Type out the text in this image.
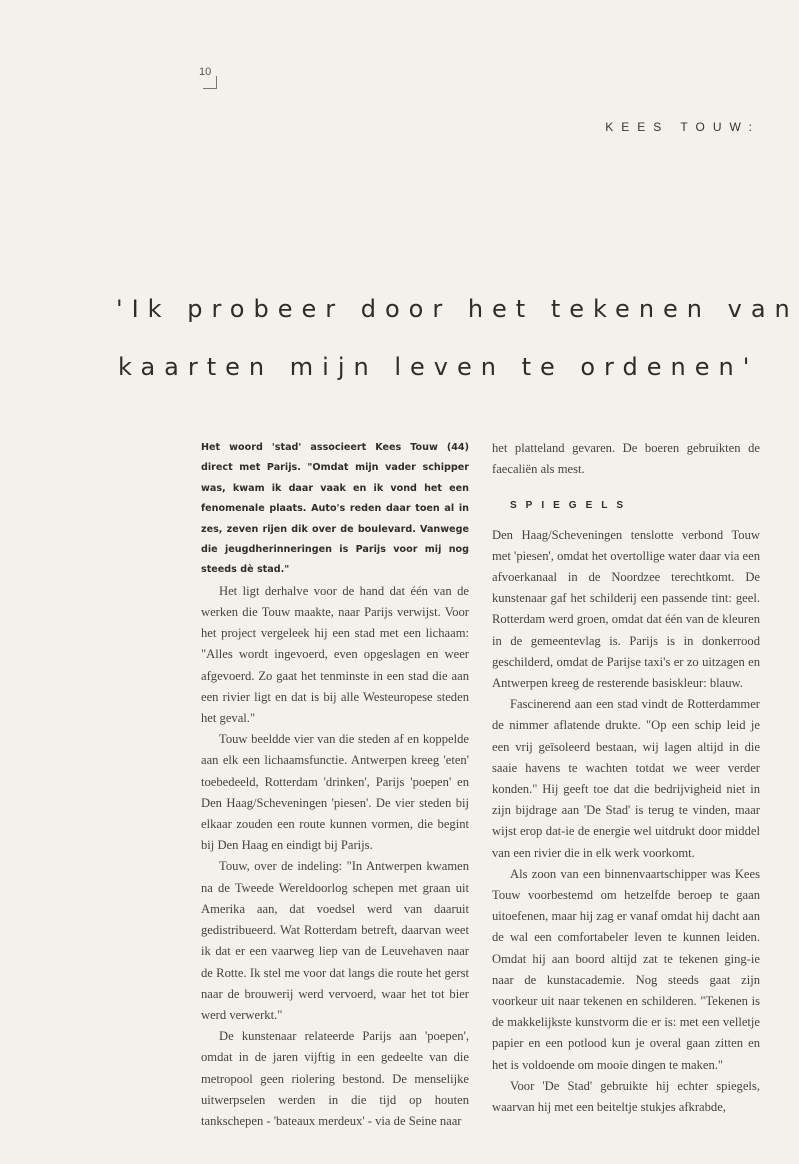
10
KEES TOUW:
'Ik probeer door het tekenen van
kaarten mijn leven te ordenen'

Het woord 'stad' associeert Kees Touw (44) direct met Parijs. "Omdat mijn vader schipper was, kwam ik daar vaak en ik vond het een fenomenale plaats. Auto's reden daar toen al in zes, zeven rijen dik over de boulevard. Vanwege die jeugdherinneringen is Parijs voor mij nog steeds dè stad."

Het ligt derhalve voor de hand dat één van de werken die Touw maakte, naar Parijs verwijst. Voor het project vergeleek hij een stad met een lichaam: "Alles wordt ingevoerd, even opgeslagen en weer afgevoerd. Zo gaat het tenminste in een stad die aan een rivier ligt en dat is bij alle Westeuropese steden het geval."

Touw beeldde vier van die steden af en koppelde aan elk een lichaamsfunctie. Antwerpen kreeg 'eten' toebedeeld, Rotterdam 'drinken', Parijs 'poepen' en Den Haag/Scheveningen 'piesen'. De vier steden bij elkaar zouden een route kunnen vormen, die begint bij Den Haag en eindigt bij Parijs.

Touw, over de indeling: "In Antwerpen kwamen na de Tweede Wereldoorlog schepen met graan uit Amerika aan, dat voedsel werd van daaruit gedistribueerd. Wat Rotterdam betreft, daarvan weet ik dat er een vaarweg liep van de Leuvehaven naar de Rotte. Ik stel me voor dat langs die route het gerst naar de brouwerij werd vervoerd, waar het tot bier werd verwerkt."

De kunstenaar relateerde Parijs aan 'poepen', omdat in de jaren vijftig in een gedeelte van die metropool geen riolering bestond. De menselijke uitwerpselen werden in die tijd op houten tankschepen - 'bateaux merdeux' - via de Seine naar

het platteland gevaren. De boeren gebruikten de faecaliën als mest.

SPIEGELS

Den Haag/Scheveningen tenslotte verbond Touw met 'piesen', omdat het overtollige water daar via een afvoerkanaal in de Noordzee terechtkomt. De kunstenaar gaf het schilderij een passende tint: geel. Rotterdam werd groen, omdat dat één van de kleuren in de gemeentevlag is. Parijs is in donkerrood geschilderd, omdat de Parijse taxi's er zo uitzagen en Antwerpen kreeg de resterende basiskleur: blauw.

Fascinerend aan een stad vindt de Rotterdammer de nimmer aflatende drukte. "Op een schip leid je een vrij geïsoleerd bestaan, wij lagen altijd in die saaie havens te wachten totdat we weer verder konden." Hij geeft toe dat die bedrijvigheid niet in zijn bijdrage aan 'De Stad' is terug te vinden, maar wijst erop dat-ie de energie wel uitdrukt door middel van een rivier die in elk werk voorkomt.

Als zoon van een binnenvaartschipper was Kees Touw voorbestemd om hetzelfde beroep te gaan uitoefenen, maar hij zag er vanaf omdat hij dacht aan de wal een comfortabeler leven te kunnen leiden. Omdat hij aan boord altijd zat te tekenen ging-ie naar de kunstacademie. Nog steeds gaat zijn voorkeur uit naar tekenen en schilderen. "Tekenen is de makkelijkste kunstvorm die er is: met een velletje papier en een potlood kun je overal gaan zitten en het is voldoende om mooie dingen te maken."

Voor 'De Stad' gebruikte hij echter spiegels, waarvan hij met een beiteltje stukjes afkrabde,
